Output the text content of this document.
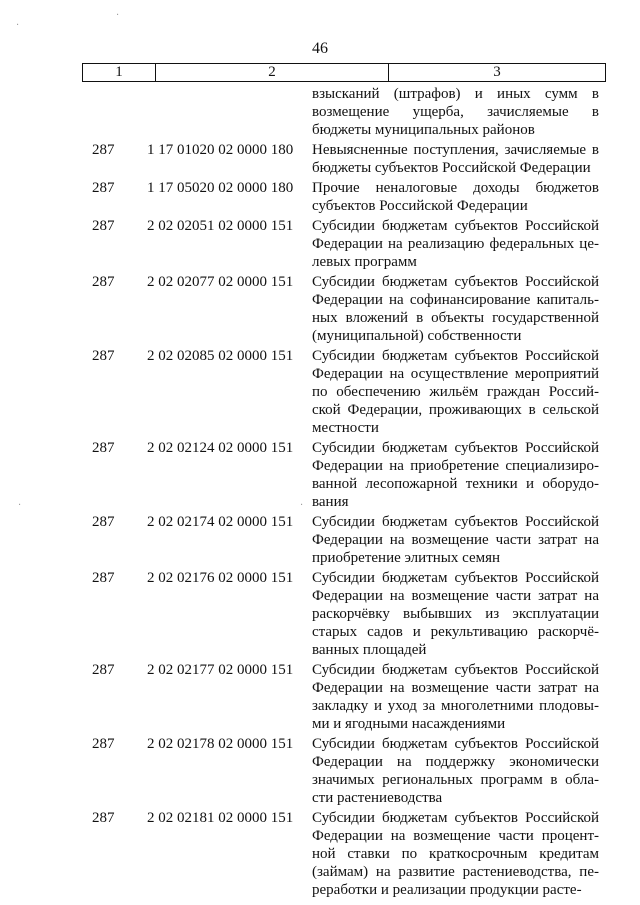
46
1	2	3
взысканий (штрафов) и иных сумм в
возмещение ущерба, зачисляемые в
бюджеты муниципальных районов
287	1 17 01020 02 0000 180	Невыясненные поступления, зачисляемые в
бюджеты субъектов Российской Федерации
287	1 17 05020 02 0000 180	Прочие неналоговые доходы бюджетов
субъектов Российской Федерации
287	2 02 02051 02 0000 151	Субсидии бюджетам субъектов Российской
Федерации на реализацию федеральных це-
левых программ
287	2 02 02077 02 0000 151	Субсидии бюджетам субъектов Российской
Федерации на софинансирование капиталь-
ных вложений в объекты государственной
(муниципальной) собственности
287	2 02 02085 02 0000 151	Субсидии бюджетам субъектов Российской
Федерации на осуществление мероприятий
по обеспечению жильём граждан Россий-
ской Федерации, проживающих в сельской
местности
287	2 02 02124 02 0000 151	Субсидии бюджетам субъектов Российской
Федерации на приобретение специализиро-
ванной лесопожарной техники и оборудо-
вания
287	2 02 02174 02 0000 151	Субсидии бюджетам субъектов Российской
Федерации на возмещение части затрат на
приобретение элитных семян
287	2 02 02176 02 0000 151	Субсидии бюджетам субъектов Российской
Федерации на возмещение части затрат на
раскорчёвку выбывших из эксплуатации
старых садов и рекультивацию раскорчё-
ванных площадей
287	2 02 02177 02 0000 151	Субсидии бюджетам субъектов Российской
Федерации на возмещение части затрат на
закладку и уход за многолетними плодовы-
ми и ягодными насаждениями
287	2 02 02178 02 0000 151	Субсидии бюджетам субъектов Российской
Федерации на поддержку экономически
значимых региональных программ в обла-
сти растениеводства
287	2 02 02181 02 0000 151	Субсидии бюджетам субъектов Российской
Федерации на возмещение части процент-
ной ставки по краткосрочным кредитам
(займам) на развитие растениеводства, пе-
реработки и реализации продукции расте-
·
·
·	·
